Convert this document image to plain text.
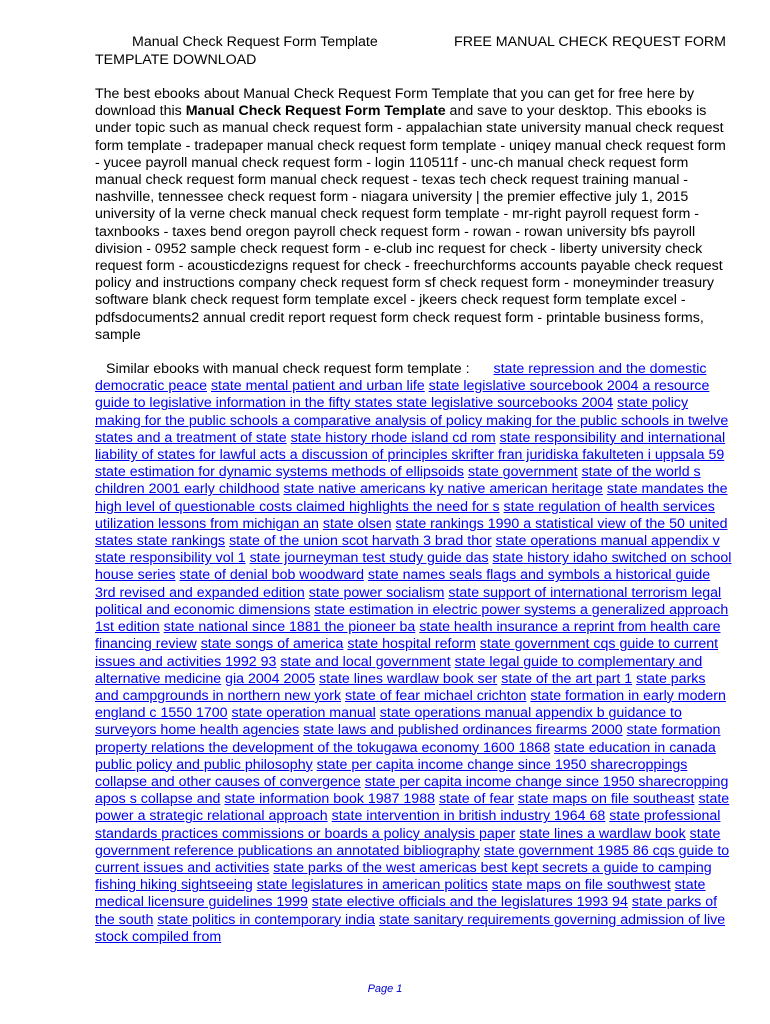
Manual Check Request Form Template	FREE MANUAL CHECK REQUEST FORM
TEMPLATE DOWNLOAD
The best ebooks about Manual Check Request Form Template that you can get for free here by download this Manual Check Request Form Template and save to your desktop. This ebooks is under topic such as manual check request form - appalachian state university manual check request form template - tradepaper manual check request form template - uniqey manual check request form - yucee payroll manual check request form - login 110511f - unc-ch manual check request form manual check request form manual check request - texas tech check request training manual - nashville, tennessee check request form - niagara university | the premier effective july 1, 2015 university of la verne check manual check request form template - mr-right payroll request form - taxnbooks - taxes bend oregon payroll check request form - rowan - rowan university bfs payroll division - 0952 sample check request form - e-club inc request for check - liberty university check request form - acousticdezigns request for check - freechurchforms accounts payable check request policy and instructions company check request form sf check request form - moneyminder treasury software blank check request form template excel - jkeers check request form template excel - pdfsdocuments2 annual credit report request form check request form - printable business forms, sample
Similar ebooks with manual check request form template : state repression and the domestic democratic peace state mental patient and urban life state legislative sourcebook 2004 a resource guide to legislative information in the fifty states state legislative sourcebooks 2004 state policy making for the public schools a comparative analysis of policy making for the public schools in twelve states and a treatment of state state history rhode island cd rom state responsibility and international liability of states for lawful acts a discussion of principles skrifter fran juridiska fakulteten i uppsala 59 state estimation for dynamic systems methods of ellipsoids state government state of the world s children 2001 early childhood state native americans ky native american heritage state mandates the high level of questionable costs claimed highlights the need for s state regulation of health services utilization lessons from michigan an state olsen state rankings 1990 a statistical view of the 50 united states state rankings state of the union scot harvath 3 brad thor state operations manual appendix v state responsibility vol 1 state journeyman test study guide das state history idaho switched on school house series state of denial bob woodward state names seals flags and symbols a historical guide 3rd revised and expanded edition state power socialism state support of international terrorism legal political and economic dimensions state estimation in electric power systems a generalized approach 1st edition state national since 1881 the pioneer ba state health insurance a reprint from health care financing review state songs of america state hospital reform state government cqs guide to current issues and activities 1992 93 state and local government state legal guide to complementary and alternative medicine gia 2004 2005 state lines wardlaw book ser state of the art part 1 state parks and campgrounds in northern new york state of fear michael crichton state formation in early modern england c 1550 1700 state operation manual state operations manual appendix b guidance to surveyors home health agencies state laws and published ordinances firearms 2000 state formation property relations the development of the tokugawa economy 1600 1868 state education in canada public policy and public philosophy state per capita income change since 1950 sharecroppings collapse and other causes of convergence state per capita income change since 1950 sharecropping apos s collapse and state information book 1987 1988 state of fear state maps on file southeast state power a strategic relational approach state intervention in british industry 1964 68 state professional standards practices commissions or boards a policy analysis paper state lines a wardlaw book state government reference publications an annotated bibliography state government 1985 86 cqs guide to current issues and activities state parks of the west americas best kept secrets a guide to camping fishing hiking sightseeing state legislatures in american politics state maps on file southwest state medical licensure guidelines 1999 state elective officials and the legislatures 1993 94 state parks of the south state politics in contemporary india state sanitary requirements governing admission of live stock compiled from
Page 1
